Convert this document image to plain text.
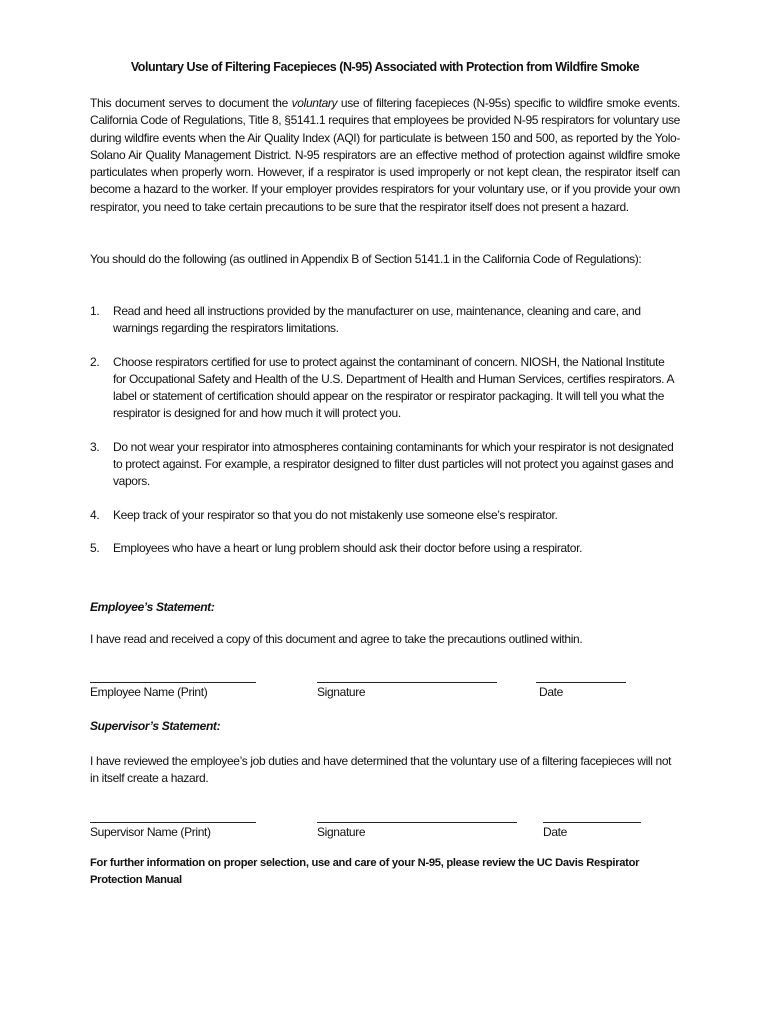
Voluntary Use of Filtering Facepieces (N-95) Associated with Protection from Wildfire Smoke

This document serves to document the voluntary use of filtering facepieces (N-95s) specific to wildfire smoke events. California Code of Regulations, Title 8, §5141.1 requires that employees be provided N-95 respirators for voluntary use during wildfire events when the Air Quality Index (AQI) for particulate is between 150 and 500, as reported by the Yolo-Solano Air Quality Management District. N-95 respirators are an effective method of protection against wildfire smoke particulates when properly worn. However, if a respirator is used improperly or not kept clean, the respirator itself can become a hazard to the worker. If your employer provides respirators for your voluntary use, or if you provide your own respirator, you need to take certain precautions to be sure that the respirator itself does not present a hazard.

You should do the following (as outlined in Appendix B of Section 5141.1 in the California Code of Regulations):

1. Read and heed all instructions provided by the manufacturer on use, maintenance, cleaning and care, and warnings regarding the respirators limitations.
2. Choose respirators certified for use to protect against the contaminant of concern. NIOSH, the National Institute for Occupational Safety and Health of the U.S. Department of Health and Human Services, certifies respirators. A label or statement of certification should appear on the respirator or respirator packaging. It will tell you what the respirator is designed for and how much it will protect you.
3. Do not wear your respirator into atmospheres containing contaminants for which your respirator is not designated to protect against. For example, a respirator designed to filter dust particles will not protect you against gases and vapors.
4. Keep track of your respirator so that you do not mistakenly use someone else’s respirator.
5. Employees who have a heart or lung problem should ask their doctor before using a respirator.

Employee’s Statement:

I have read and received a copy of this document and agree to take the precautions outlined within.

Employee Name (Print)	Signature	Date

Supervisor’s Statement:

I have reviewed the employee’s job duties and have determined that the voluntary use of a filtering facepieces will not in itself create a hazard.

Supervisor Name (Print)	Signature	Date

For further information on proper selection, use and care of your N-95, please review the UC Davis Respirator Protection Manual
